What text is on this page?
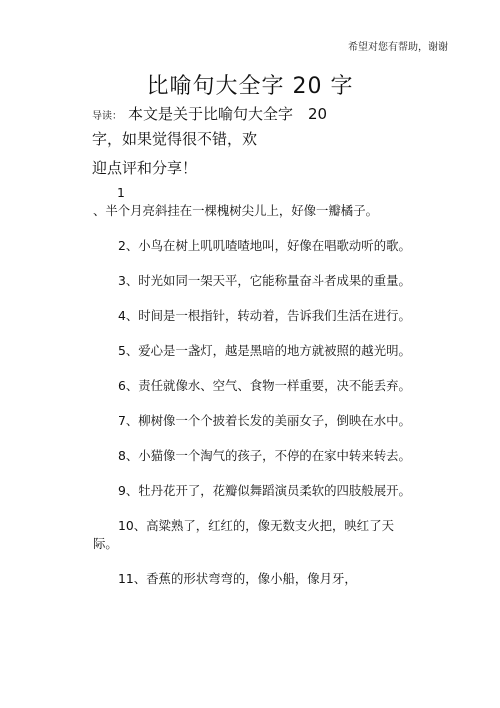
希望对您有帮助，谢谢
比喻句大全字 20 字
导读： 本文是关于比喻句大全字　20
字，如果觉得很不错，欢
迎点评和分享！
1
、半个月亮斜挂在一棵槐树尖儿上，好像一瓣橘子。
2、小鸟在树上叽叽喳喳地叫，好像在唱歌动听的歌。
3、时光如同一架天平，它能称量奋斗者成果的重量。
4、时间是一根指针，转动着，告诉我们生活在进行。
5、爱心是一盏灯，越是黑暗的地方就被照的越光明。
6、责任就像水、空气、食物一样重要，决不能丢弃。
7、柳树像一个个披着长发的美丽女子，倒映在水中。
8、小猫像一个淘气的孩子，不停的在家中转来转去。
9、牡丹花开了，花瓣似舞蹈演员柔软的四肢般展开。
10、高粱熟了，红红的，像无数支火把，映红了天际。
11、香蕉的形状弯弯的，像小船，像月牙，
